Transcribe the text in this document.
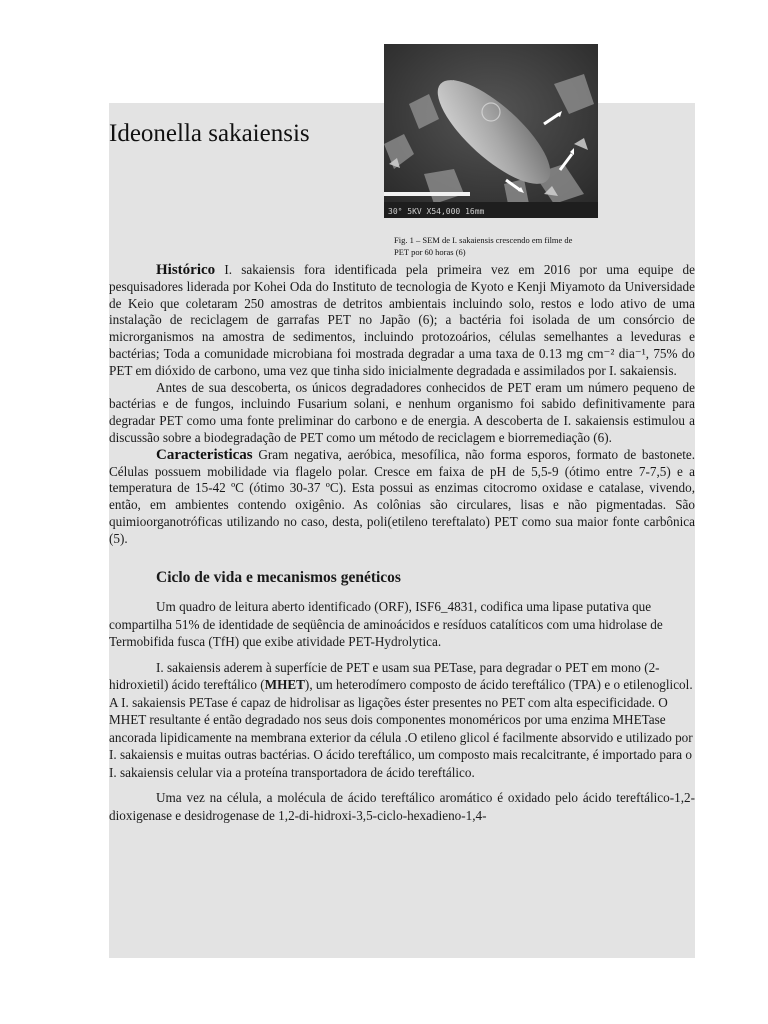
Ideonella sakaiensis
30° 5KV X54,000 16mm
Fig. 1 – SEM de I. sakaiensis crescendo em filme de
PET por 60 horas (6)

Histórico I. sakaiensis fora identificada pela primeira vez em 2016 por uma equipe de pesquisadores liderada por Kohei Oda do Instituto de tecnologia de Kyoto e Kenji Miyamoto da Universidade de Keio que coletaram 250 amostras de detritos ambientais incluindo solo, restos e lodo ativo de uma instalação de reciclagem de garrafas PET no Japão (6); a bactéria foi isolada de um consórcio de microrganismos na amostra de sedimentos, incluindo protozoários, células semelhantes a leveduras e bactérias; Toda a comunidade microbiana foi mostrada degradar a uma taxa de 0.13 mg cm⁻² dia⁻¹, 75% do PET em dióxido de carbono, uma vez que tinha sido inicialmente degradada e assimilados por I. sakaiensis.

Antes de sua descoberta, os únicos degradadores conhecidos de PET eram um número pequeno de bactérias e de fungos, incluindo Fusarium solani, e nenhum organismo foi sabido definitivamente para degradar PET como uma fonte preliminar do carbono e de energia. A descoberta de I. sakaiensis estimulou a discussão sobre a biodegradação de PET como um método de reciclagem e biorremediação (6).

Caracteristicas Gram negativa, aeróbica, mesofílica, não forma esporos, formato de bastonete. Células possuem mobilidade via flagelo polar. Cresce em faixa de pH de 5,5-9 (ótimo entre 7-7,5) e a temperatura de 15-42 ºC (ótimo 30-37 ºC). Esta possui as enzimas citocromo oxidase e catalase, vivendo, então, em ambientes contendo oxigênio. As colônias são circulares, lisas e não pigmentadas. São quimioorganotróficas utilizando no caso, desta, poli(etileno tereftalato) PET como sua maior fonte carbônica (5).

Ciclo de vida e mecanismos genéticos

Um quadro de leitura aberto identificado (ORF), ISF6_4831, codifica uma lipase putativa que compartilha 51% de identidade de seqüência de aminoácidos e resíduos catalíticos com uma hidrolase de Termobifida fusca (TfH) que exibe atividade PET-Hydrolytica.

I. sakaiensis aderem à superfície de PET e usam sua PETase, para degradar o PET em mono (2-hidroxietil) ácido tereftálico (MHET), um heterodímero composto de ácido tereftálico (TPA) e o etilenoglicol. A I. sakaiensis PETase é capaz de hidrolisar as ligações éster presentes no PET com alta especificidade. O MHET resultante é então degradado nos seus dois componentes monoméricos por uma enzima MHETase ancorada lipidicamente na membrana exterior da célula .O etileno glicol é facilmente absorvido e utilizado por I. sakaiensis e muitas outras bactérias. O ácido tereftálico, um composto mais recalcitrante, é importado para o I. sakaiensis celular via a proteína transportadora de ácido tereftálico.

Uma vez na célula, a molécula de ácido tereftálico aromático é oxidado pelo ácido tereftálico-1,2-dioxigenase e desidrogenase de 1,2-di-hidroxi-3,5-ciclo-hexadieno-1,4-
